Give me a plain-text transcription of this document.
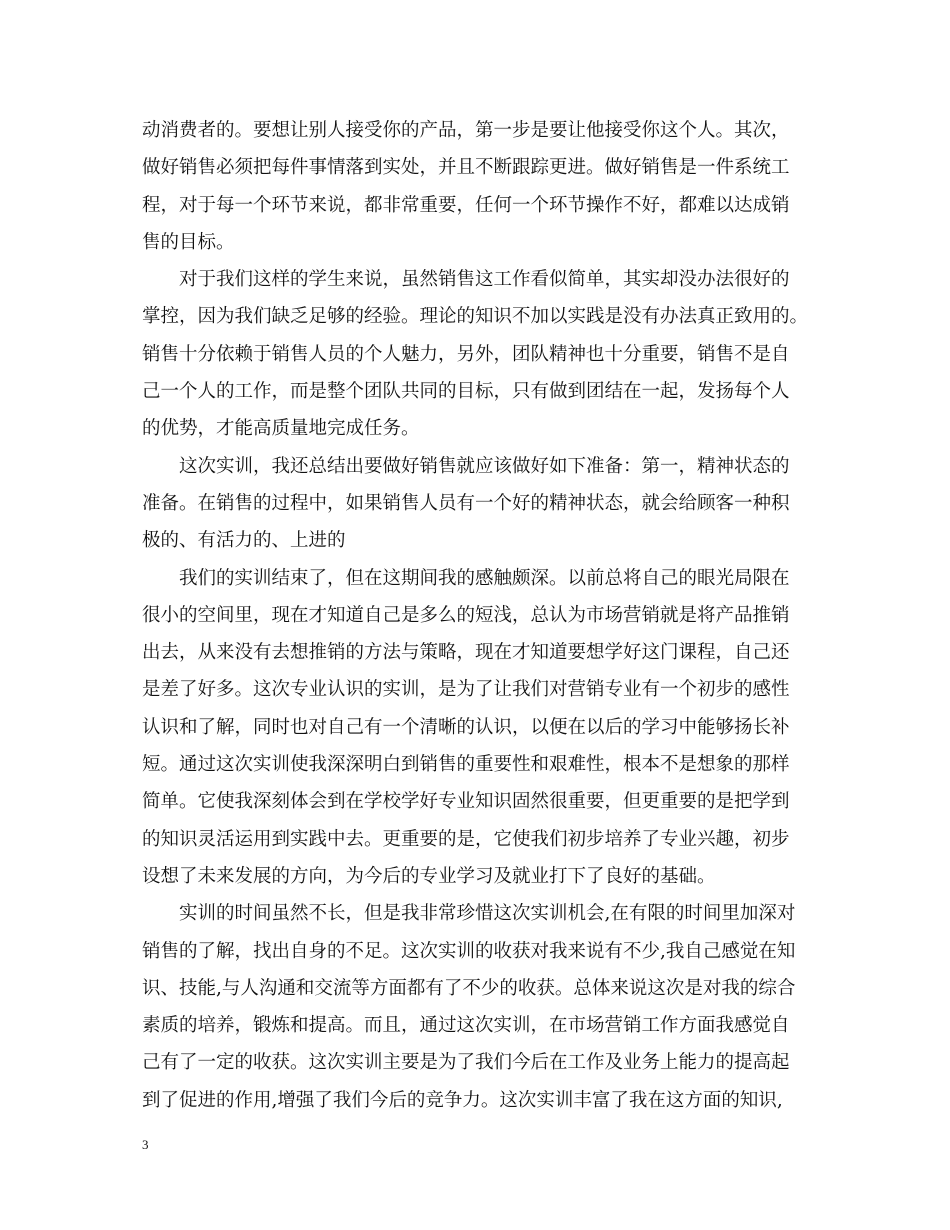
动消费者的。要想让别人接受你的产品，第一步是要让他接受你这个人。其次，
做好销售必须把每件事情落到实处，并且不断跟踪更进。做好销售是一件系统工
程，对于每一个环节来说，都非常重要，任何一个环节操作不好，都难以达成销
售的目标。
对于我们这样的学生来说，虽然销售这工作看似简单，其实却没办法很好的
掌控，因为我们缺乏足够的经验。理论的知识不加以实践是没有办法真正致用的。
销售十分依赖于销售人员的个人魅力，另外，团队精神也十分重要，销售不是自
己一个人的工作，而是整个团队共同的目标，只有做到团结在一起，发扬每个人
的优势，才能高质量地完成任务。
这次实训，我还总结出要做好销售就应该做好如下准备：第一，精神状态的
准备。在销售的过程中，如果销售人员有一个好的精神状态，就会给顾客一种积
极的、有活力的、上进的
我们的实训结束了，但在这期间我的感触颇深。以前总将自己的眼光局限在
很小的空间里，现在才知道自己是多么的短浅，总认为市场营销就是将产品推销
出去，从来没有去想推销的方法与策略，现在才知道要想学好这门课程，自己还
是差了好多。这次专业认识的实训，是为了让我们对营销专业有一个初步的感性
认识和了解，同时也对自己有一个清晰的认识，以便在以后的学习中能够扬长补
短。通过这次实训使我深深明白到销售的重要性和艰难性，根本不是想象的那样
简单。它使我深刻体会到在学校学好专业知识固然很重要，但更重要的是把学到
的知识灵活运用到实践中去。更重要的是，它使我们初步培养了专业兴趣，初步
设想了未来发展的方向，为今后的专业学习及就业打下了良好的基础。
实训的时间虽然不长，但是我非常珍惜这次实训机会,在有限的时间里加深对
销售的了解，找出自身的不足。这次实训的收获对我来说有不少,我自己感觉在知
识、技能,与人沟通和交流等方面都有了不少的收获。总体来说这次是对我的综合
素质的培养，锻炼和提高。而且，通过这次实训，在市场营销工作方面我感觉自
己有了一定的收获。这次实训主要是为了我们今后在工作及业务上能力的提高起
到了促进的作用,增强了我们今后的竞争力。这次实训丰富了我在这方面的知识,
3
